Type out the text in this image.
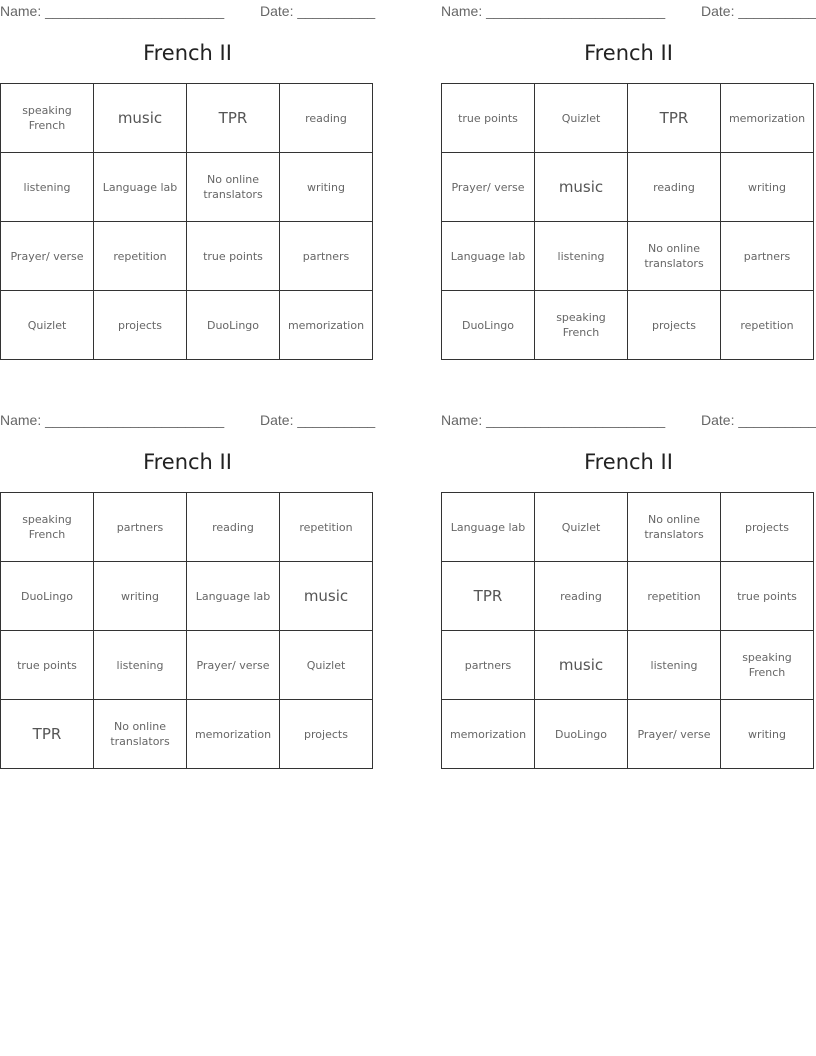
Name: _______________________	Date: __________
French II
speaking French	music	TPR	reading
listening	Language lab	No online translators	writing
Prayer/ verse	repetition	true points	partners
Quizlet	projects	DuoLingo	memorization
Name: _______________________	Date: __________
French II
true points	Quizlet	TPR	memorization
Prayer/ verse	music	reading	writing
Language lab	listening	No online translators	partners
DuoLingo	speaking French	projects	repetition
Name: _______________________	Date: __________
French II
speaking French	partners	reading	repetition
DuoLingo	writing	Language lab	music
true points	listening	Prayer/ verse	Quizlet
TPR	No online translators	memorization	projects
Name: _______________________	Date: __________
French II
Language lab	Quizlet	No online translators	projects
TPR	reading	repetition	true points
partners	music	listening	speaking French
memorization	DuoLingo	Prayer/ verse	writing
